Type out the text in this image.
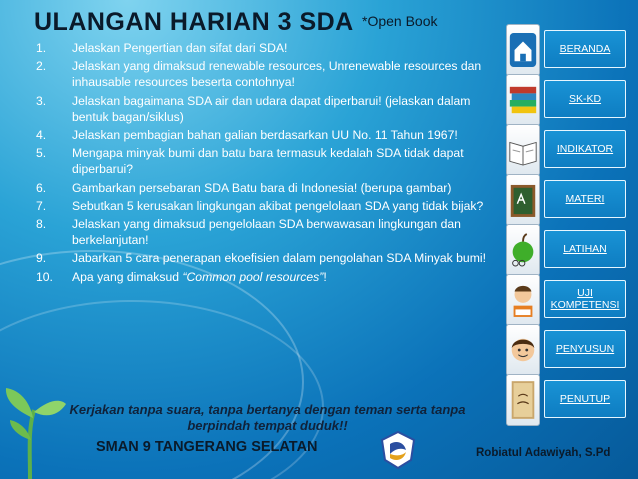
ULANGAN HARIAN 3 SDA *Open Book
1.	Jelaskan Pengertian dan sifat dari SDA!
2.	Jelaskan yang dimaksud renewable resources, Unrenewable resources dan inhausable resources beserta contohnya!
3.	Jelaskan bagaimana SDA air dan udara dapat diperbarui! (jelaskan dalam bentuk bagan/siklus)
4.	Jelaskan pembagian bahan galian berdasarkan UU No. 11 Tahun 1967!
5.	Mengapa minyak bumi dan batu bara termasuk kedalah SDA tidak dapat diperbarui?
6.	Gambarkan persebaran SDA Batu bara di Indonesia! (berupa gambar)
7.	Sebutkan 5 kerusakan lingkungan akibat pengelolaan SDA yang tidak bijak?
8.	Jelaskan yang dimaksud pengelolaan SDA berwawasan lingkungan dan berkelanjutan!
9.	Jabarkan 5 cara penerapan ekoefisien dalam pengolahan SDA Minyak bumi!
10.	Apa yang dimaksud “Common pool resources”!
Kerjakan tanpa suara, tanpa bertanya dengan teman serta tanpa
berpindah tempat duduk!!
SMAN 9 TANGERANG SELATAN	Robiatul Adawiyah, S.Pd
BERANDA
SK-KD
INDIKATOR
MATERI
LATIHAN
UJI
KOMPETENSI
PENYUSUN
PENUTUP
